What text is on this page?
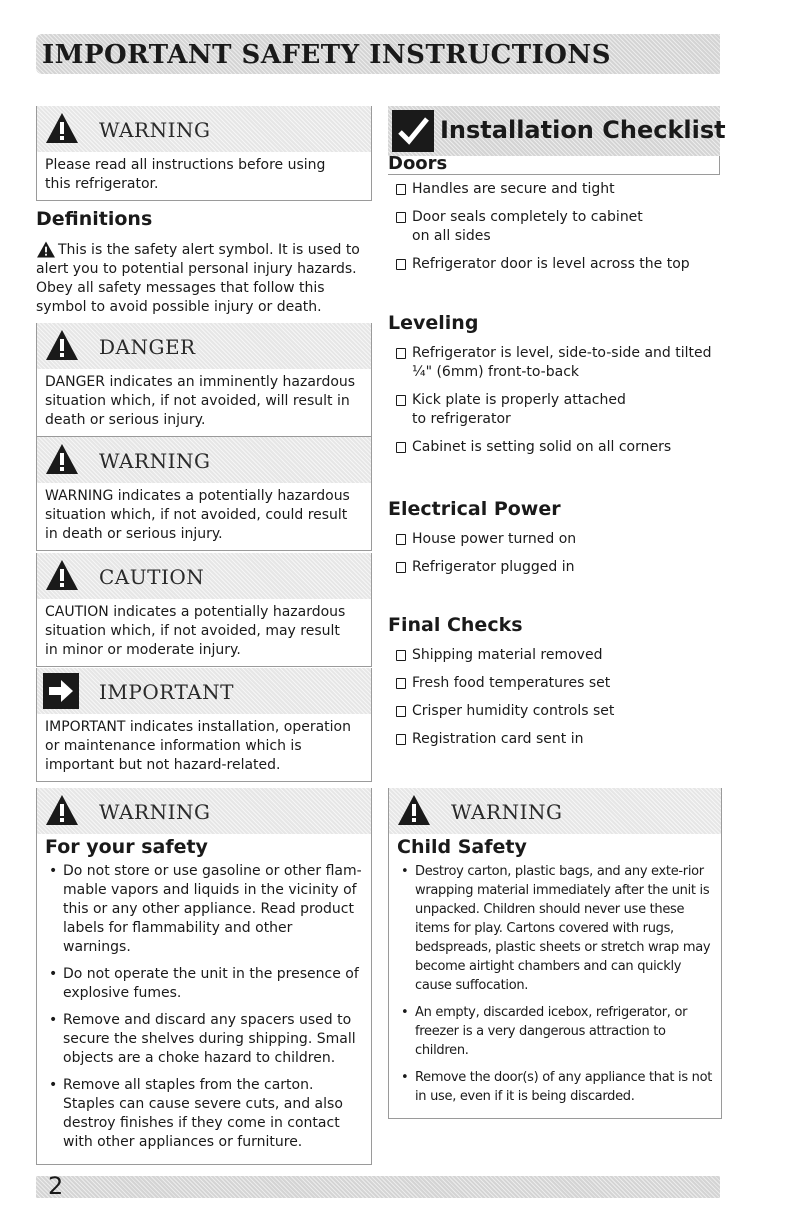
IMPORTANT SAFETY INSTRUCTIONS
WARNING
Please read all instructions before using this refrigerator.
Definitions
This is the safety alert symbol. It is used to alert you to potential personal injury hazards. Obey all safety messages that follow this symbol to avoid possible injury or death.
DANGER
DANGER indicates an imminently hazardous situation which, if not avoided, will result in death or serious injury.
WARNING
WARNING indicates a potentially hazardous situation which, if not avoided, could result in death or serious injury.
CAUTION
CAUTION indicates a potentially hazardous situation which, if not avoided, may result in minor or moderate injury.
IMPORTANT
IMPORTANT indicates installation, operation or maintenance information which is important but not hazard-related.
WARNING
For your safety
• Do not store or use gasoline or other flam-mable vapors and liquids in the vicinity of this or any other appliance. Read product labels for flammability and other warnings.
• Do not operate the unit in the presence of explosive fumes.
• Remove and discard any spacers used to secure the shelves during shipping. Small objects are a choke hazard to children.
• Remove all staples from the carton. Staples can cause severe cuts, and also destroy finishes if they come in contact with other appliances or furniture.
Installation Checklist
Doors
Handles are secure and tight
Door seals completely to cabinet on all sides
Refrigerator door is level across the top
Leveling
Refrigerator is level, side-to-side and tilted ¼" (6mm) front-to-back
Kick plate is properly attached to refrigerator
Cabinet is setting solid on all corners
Electrical Power
House power turned on
Refrigerator plugged in
Final Checks
Shipping material removed
Fresh food temperatures set
Crisper humidity controls set
Registration card sent in
WARNING
Child Safety
• Destroy carton, plastic bags, and any exte-rior wrapping material immediately after the unit is unpacked. Children should never use these items for play. Cartons covered with rugs, bedspreads, plastic sheets or stretch wrap may become airtight chambers and can quickly cause suffocation.
• An empty, discarded icebox, refrigerator, or freezer is a very dangerous attraction to children.
• Remove the door(s) of any appliance that is not in use, even if it is being discarded.
2
